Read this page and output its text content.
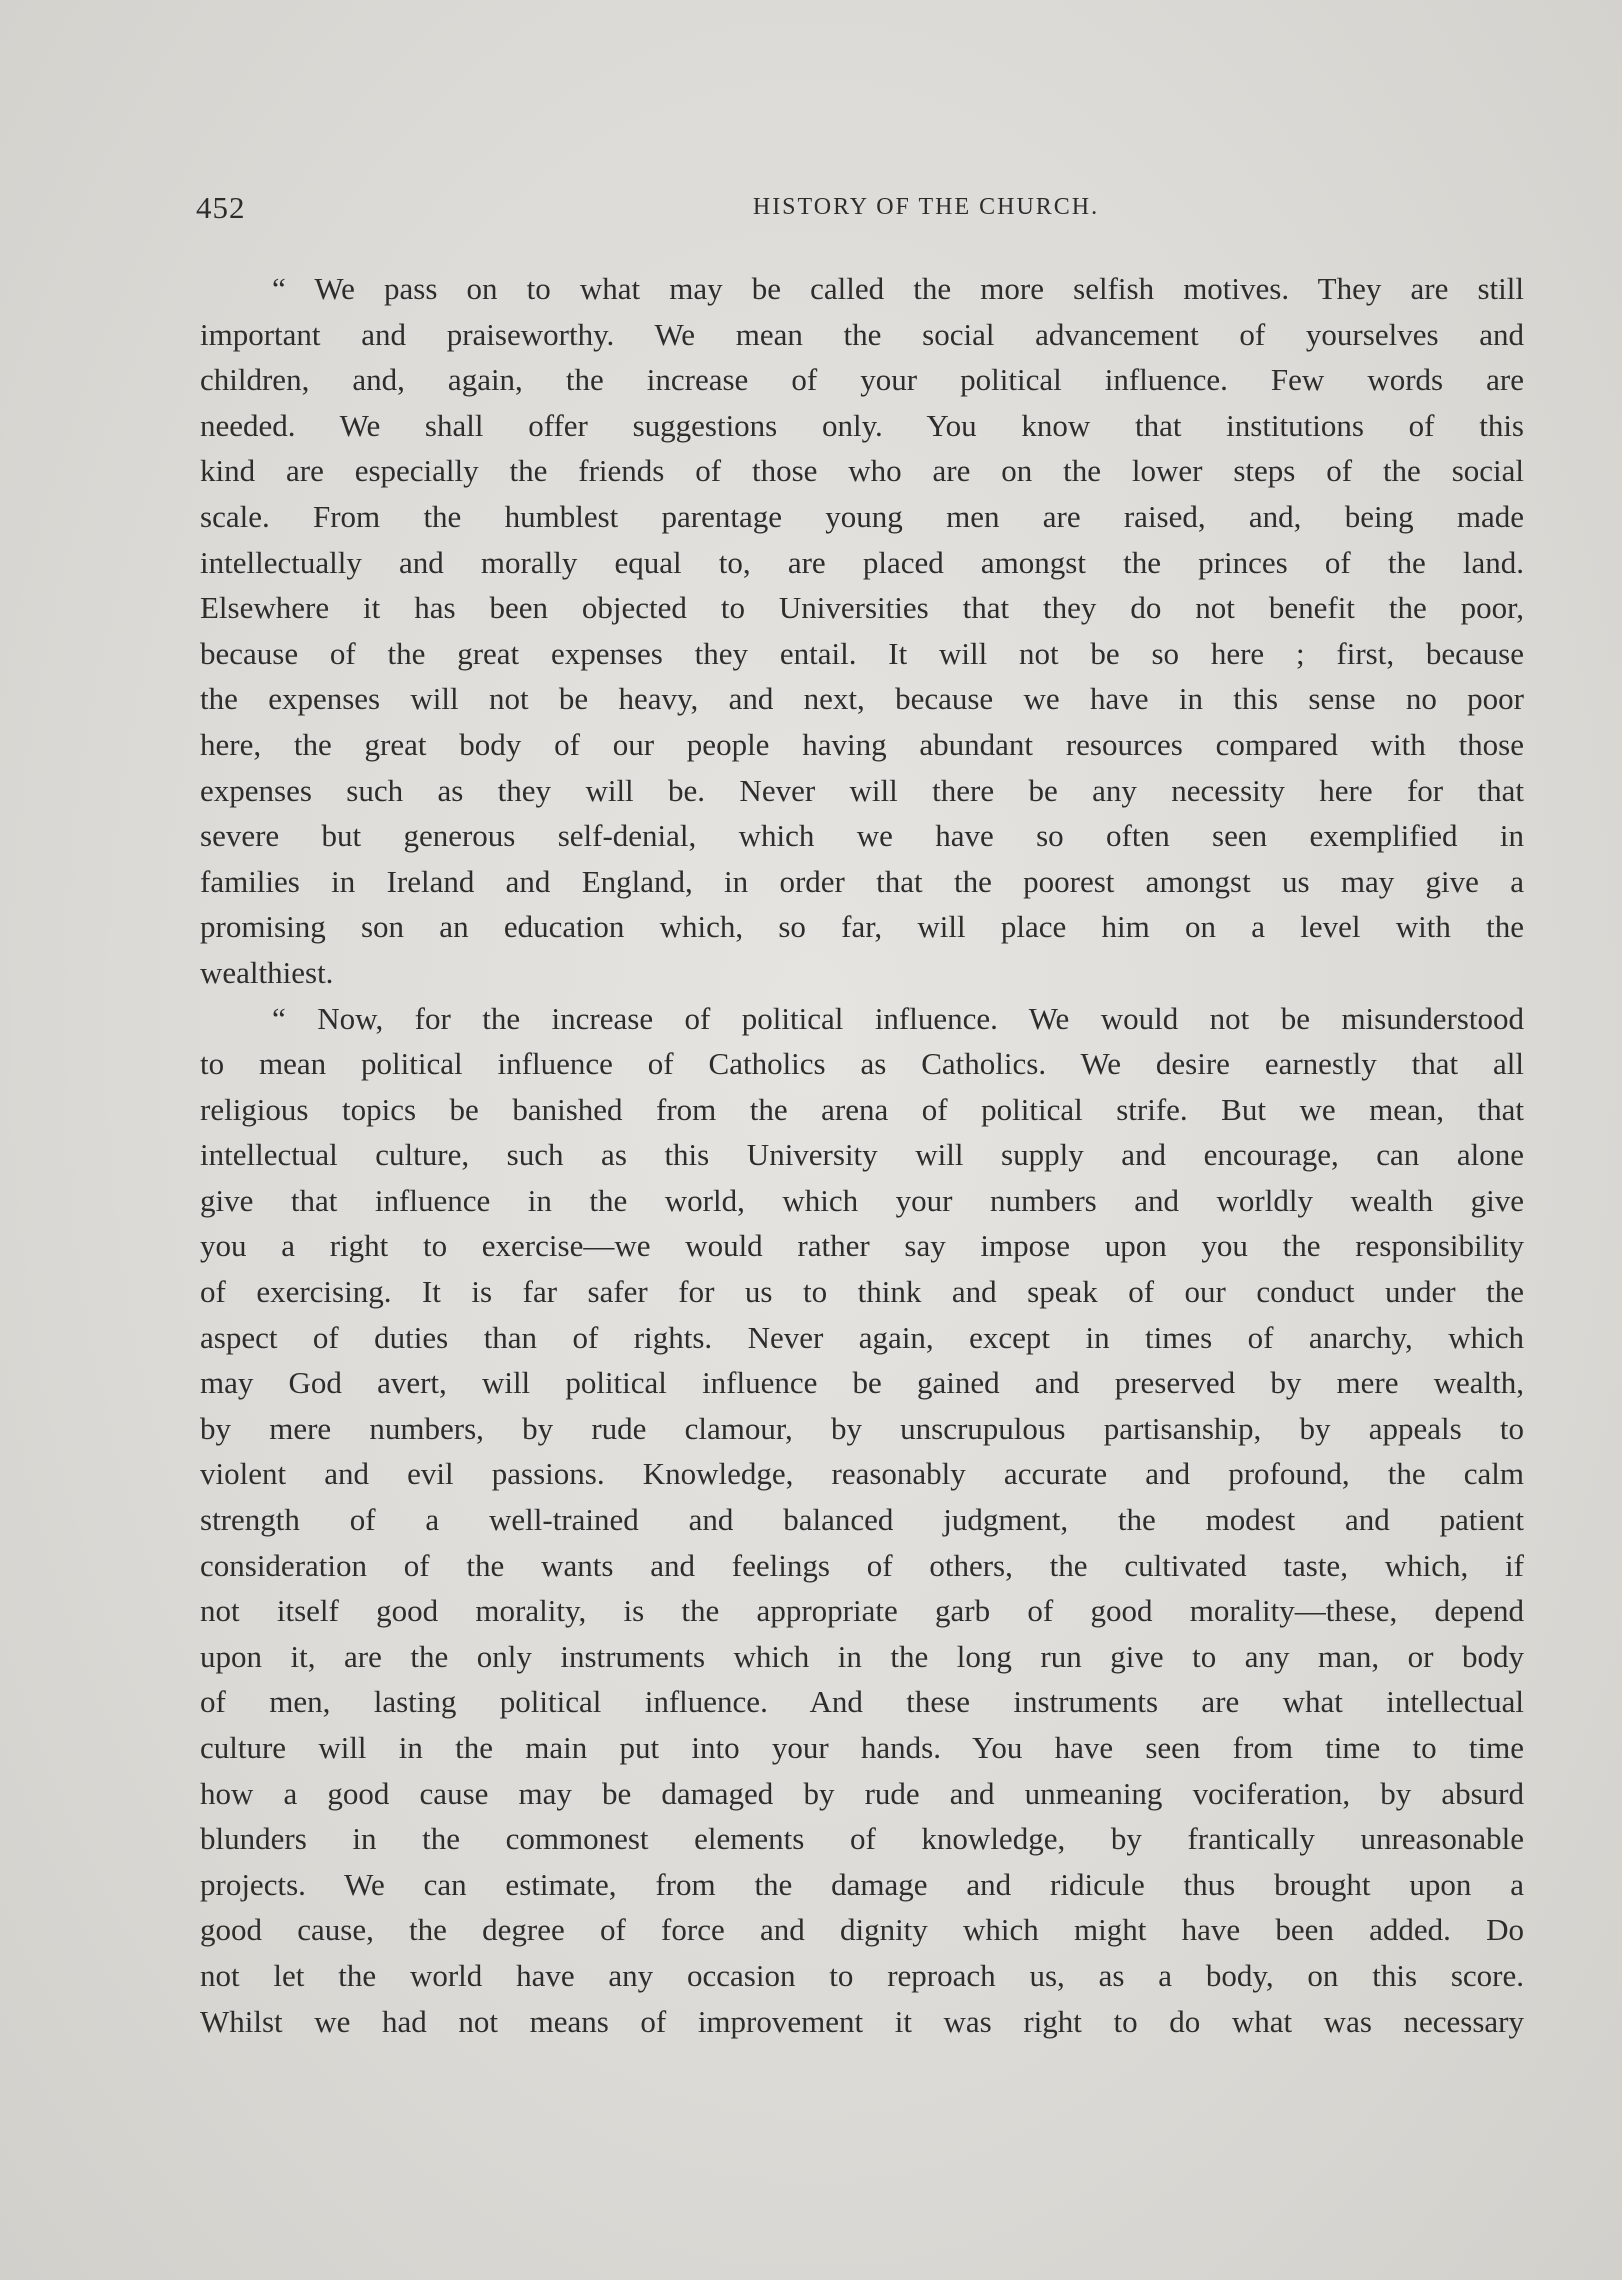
452	HISTORY OF THE CHURCH.
“ We pass on to what may be called the more selfish motives. They are still
important and praiseworthy. We mean the social advancement of yourselves and
children, and, again, the increase of your political influence. Few words are
needed. We shall offer suggestions only. You know that institutions of this
kind are especially the friends of those who are on the lower steps of the social
scale. From the humblest parentage young men are raised, and, being made
intellectually and morally equal to, are placed amongst the princes of the land.
Elsewhere it has been objected to Universities that they do not benefit the poor,
because of the great expenses they entail. It will not be so here ; first, because
the expenses will not be heavy, and next, because we have in this sense no poor
here, the great body of our people having abundant resources compared with those
expenses such as they will be. Never will there be any necessity here for that
severe but generous self-denial, which we have so often seen exemplified in
families in Ireland and England, in order that the poorest amongst us may give a
promising son an education which, so far, will place him on a level with the
wealthiest.
“ Now, for the increase of political influence. We would not be misunderstood
to mean political influence of Catholics as Catholics. We desire earnestly that all
religious topics be banished from the arena of political strife. But we mean, that
intellectual culture, such as this University will supply and encourage, can alone
give that influence in the world, which your numbers and worldly wealth give
you a right to exercise—we would rather say impose upon you the responsibility
of exercising. It is far safer for us to think and speak of our conduct under the
aspect of duties than of rights. Never again, except in times of anarchy, which
may God avert, will political influence be gained and preserved by mere wealth,
by mere numbers, by rude clamour, by unscrupulous partisanship, by appeals to
violent and evil passions. Knowledge, reasonably accurate and profound, the calm
strength of a well-trained and balanced judgment, the modest and patient
consideration of the wants and feelings of others, the cultivated taste, which, if
not itself good morality, is the appropriate garb of good morality—these, depend
upon it, are the only instruments which in the long run give to any man, or body
of men, lasting political influence. And these instruments are what intellectual
culture will in the main put into your hands. You have seen from time to time
how a good cause may be damaged by rude and unmeaning vociferation, by absurd
blunders in the commonest elements of knowledge, by frantically unreasonable
projects. We can estimate, from the damage and ridicule thus brought upon a
good cause, the degree of force and dignity which might have been added. Do
not let the world have any occasion to reproach us, as a body, on this score.
Whilst we had not means of improvement it was right to do what was necessary
